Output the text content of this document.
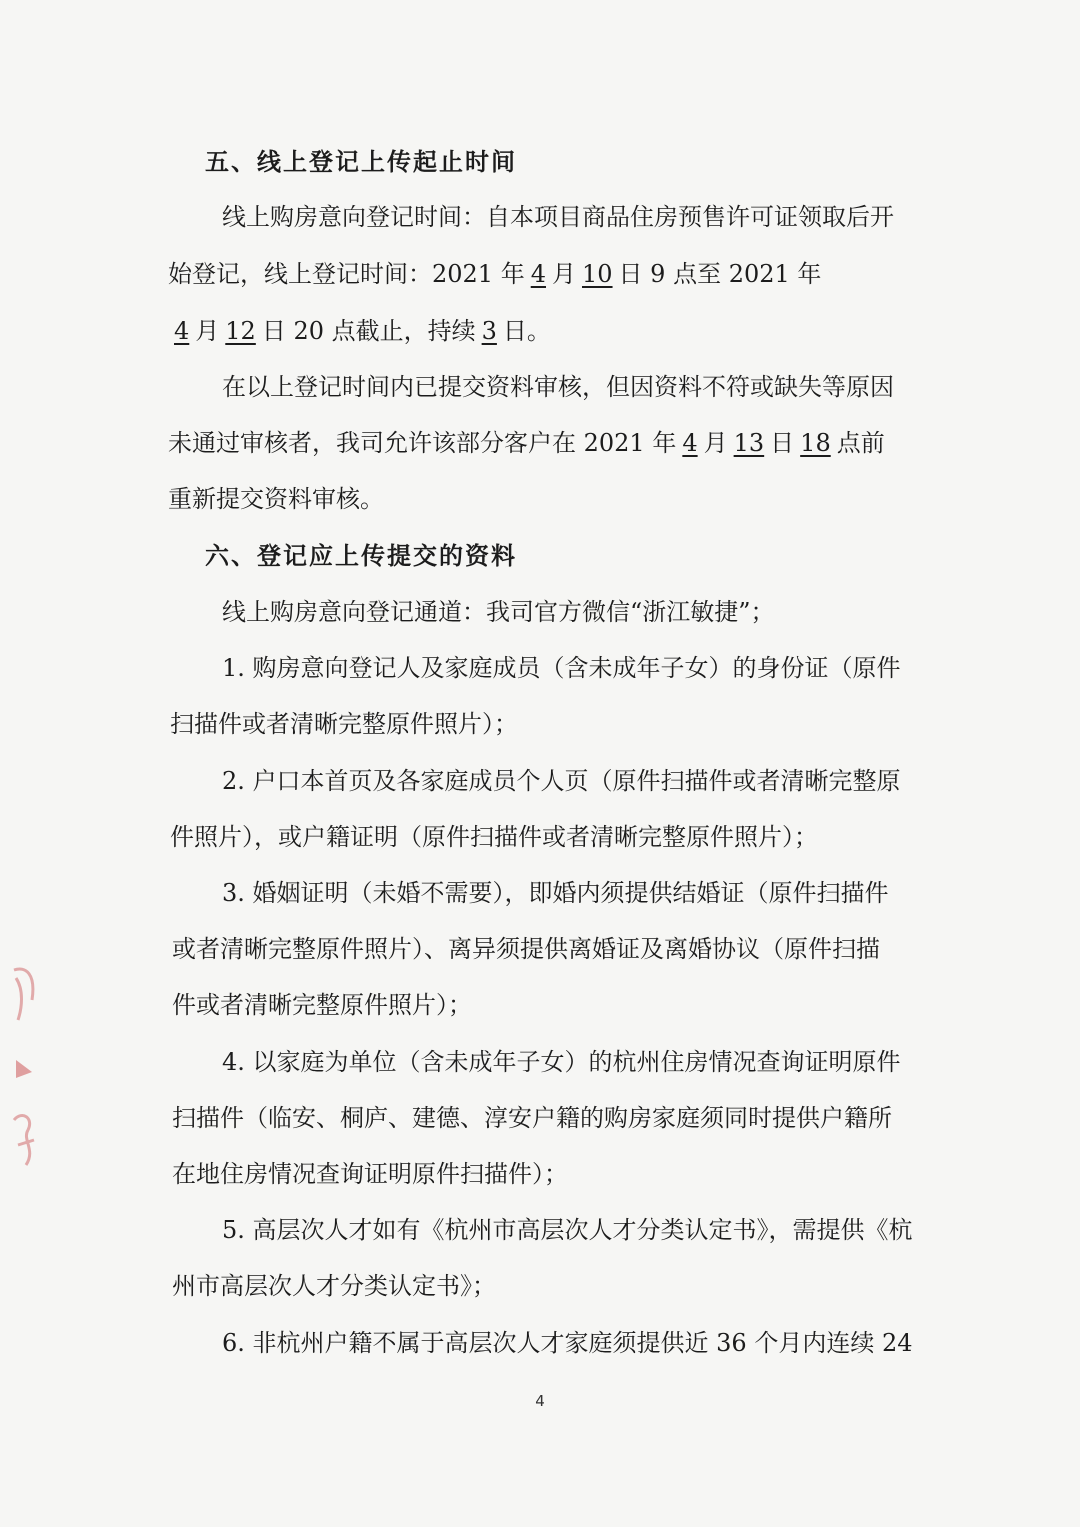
五、线上登记上传起止时间
线上购房意向登记时间：自本项目商品住房预售许可证领取后开
始登记，线上登记时间：2021 年 4 月 10 日 9 点至 2021 年
4 月 12 日 20 点截止，持续 3 日。
在以上登记时间内已提交资料审核，但因资料不符或缺失等原因
未通过审核者，我司允许该部分客户在 2021 年 4 月 13 日 18 点前
重新提交资料审核。
六、登记应上传提交的资料
线上购房意向登记通道：我司官方微信“浙江敏捷”；
1. 购房意向登记人及家庭成员（含未成年子女）的身份证（原件
扫描件或者清晰完整原件照片）；
2. 户口本首页及各家庭成员个人页（原件扫描件或者清晰完整原
件照片），或户籍证明（原件扫描件或者清晰完整原件照片）；
3. 婚姻证明（未婚不需要），即婚内须提供结婚证（原件扫描件
或者清晰完整原件照片）、离异须提供离婚证及离婚协议（原件扫描
件或者清晰完整原件照片）；
4. 以家庭为单位（含未成年子女）的杭州住房情况查询证明原件
扫描件（临安、桐庐、建德、淳安户籍的购房家庭须同时提供户籍所
在地住房情况查询证明原件扫描件）；
5. 高层次人才如有《杭州市高层次人才分类认定书》，需提供《杭
州市高层次人才分类认定书》；
6. 非杭州户籍不属于高层次人才家庭须提供近 36 个月内连续 24
4
